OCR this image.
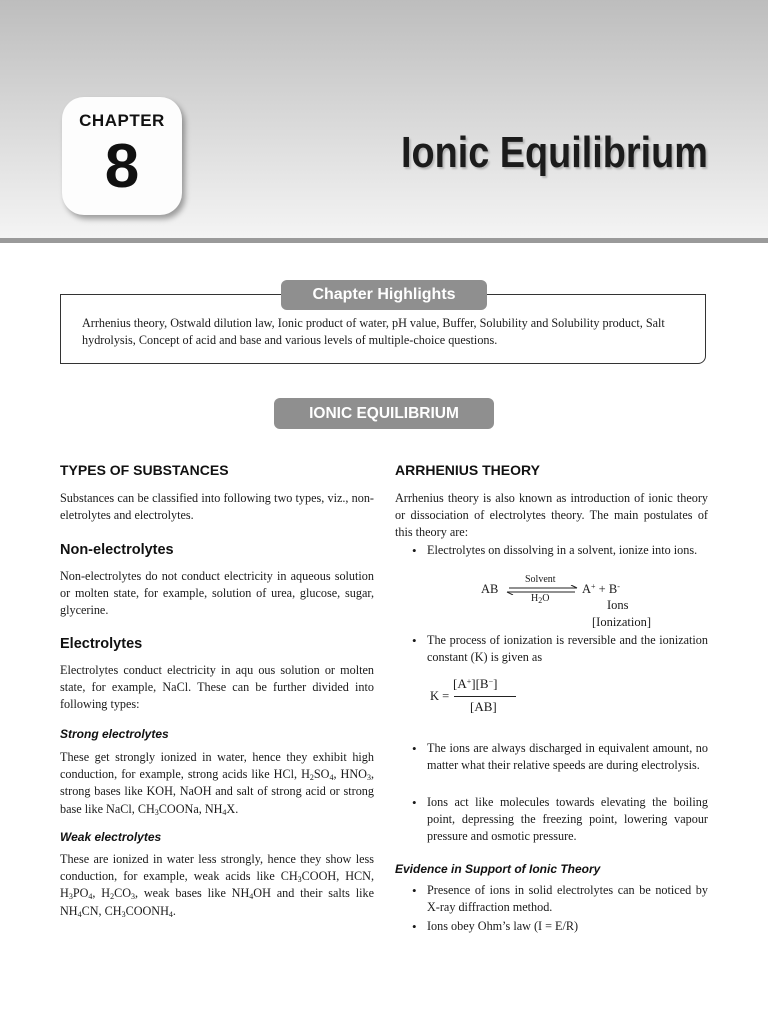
CHAPTER
8	Ionic Equilibrium
Chapter Highlights
Arrhenius theory, Ostwald dilution law, Ionic product of water, pH value, Buffer, Solubility and Solubility product, Salt hydrolysis, Concept of acid and base and various levels of multiple-choice questions.
IONIC EQUILIBRIUM
TYPES OF SUBSTANCES
Substances can be classified into following two types, viz., non-eletrolytes and electrolytes.
Non-electrolytes
Non-electrolytes do not conduct electricity in aqueous solution or molten state, for example, solution of urea, glucose, sugar, glycerine.
Electrolytes
Electrolytes conduct electricity in aqu ous solution or molten state, for example, NaCl. These can be further divided into following types:
Strong electrolytes
These get strongly ionized in water, hence they exhibit high conduction, for example, strong acids like HCl, $H_2SO_4$, $HNO_3$, strong bases like KOH, NaOH and salt of strong acid or strong base like NaCl, $CH_3COONa$, $NH_4X$.
Weak electrolytes
These are ionized in water less strongly, hence they show less conduction, for example, weak acids like $CH_3COOH$, HCN, $H_3PO_4$, $H_2CO_3$, weak bases like $NH_4OH$ and their salts like $NH_4CN$, $CH_3COONH_4$.
ARRHENIUS THEORY
Arrhenius theory is also known as introduction of ionic theory or dissociation of electrolytes theory. The main postulates of this theory are:
• Electrolytes on dissolving in a solvent, ionize into ions.
AB
Solvent
$H_2O$
A+ + B-
Ions
[Ionization]
• The process of ionization is reversible and the ionization constant (K) is given as
K =
[A+][B−]
[AB]
• The ions are always discharged in equivalent amount, no matter what their relative speeds are during electrolysis.
• Ions act like molecules towards elevating the boiling point, depressing the freezing point, lowering vapour pressure and osmotic pressure.
Evidence in Support of Ionic Theory
• Presence of ions in solid electrolytes can be noticed by X-ray diffraction method.
• Ions obey Ohm’s law (I = E/R)
